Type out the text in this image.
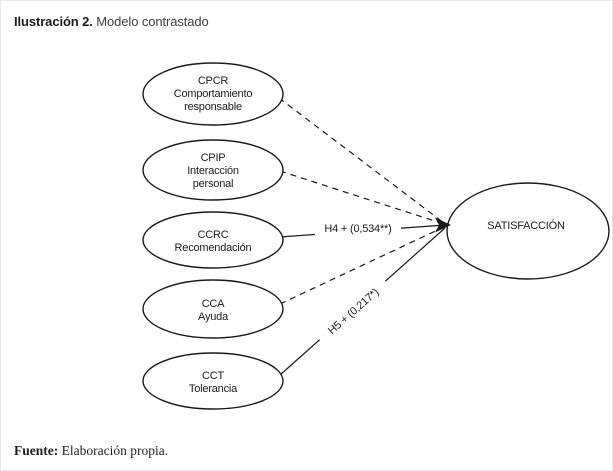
Ilustración 2. Modelo contrastado
H4 + (0,534**)
H5 + (0,217*)
CPCR
Comportamiento
responsable
CPIP
Interacción
personal
CCRC
Recomendación
CCA
Ayuda
CCT
Tolerancia
SATISFACCIÓN
Fuente: Elaboración propia.
